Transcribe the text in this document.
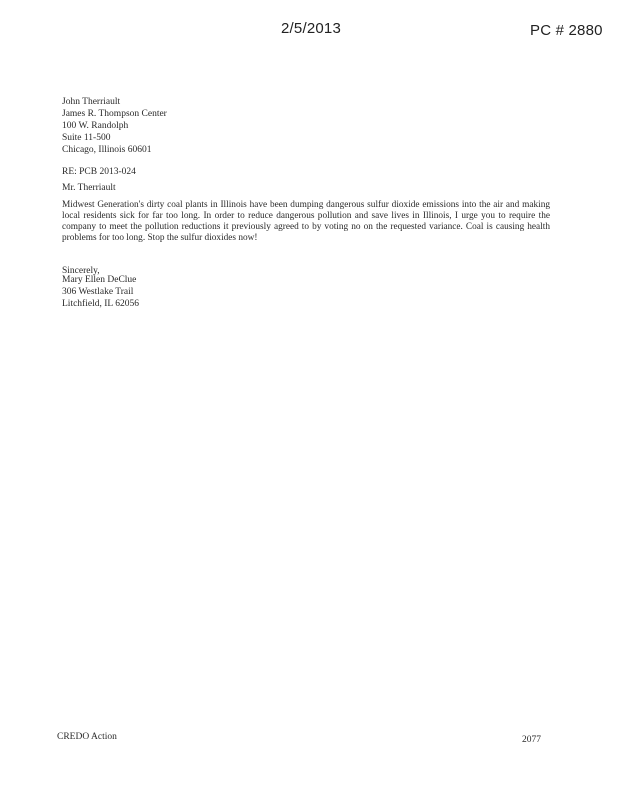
2/5/2013	PC # 2880
John Therriault
James R. Thompson Center
100 W. Randolph
Suite 11-500
Chicago, Illinois 60601
RE: PCB 2013-024
Mr. Therriault
Midwest Generation's dirty coal plants in Illinois have been dumping dangerous sulfur dioxide emissions into the air and making local residents sick for far too long. In order to reduce dangerous pollution and save lives in Illinois, I urge you to require the company to meet the pollution reductions it previously agreed to by voting no on the requested variance. Coal is causing health problems for too long. Stop the sulfur dioxides now!
Sincerely,
Mary Ellen DeClue
306 Westlake Trail
Litchfield, IL 62056
CREDO Action	2077
